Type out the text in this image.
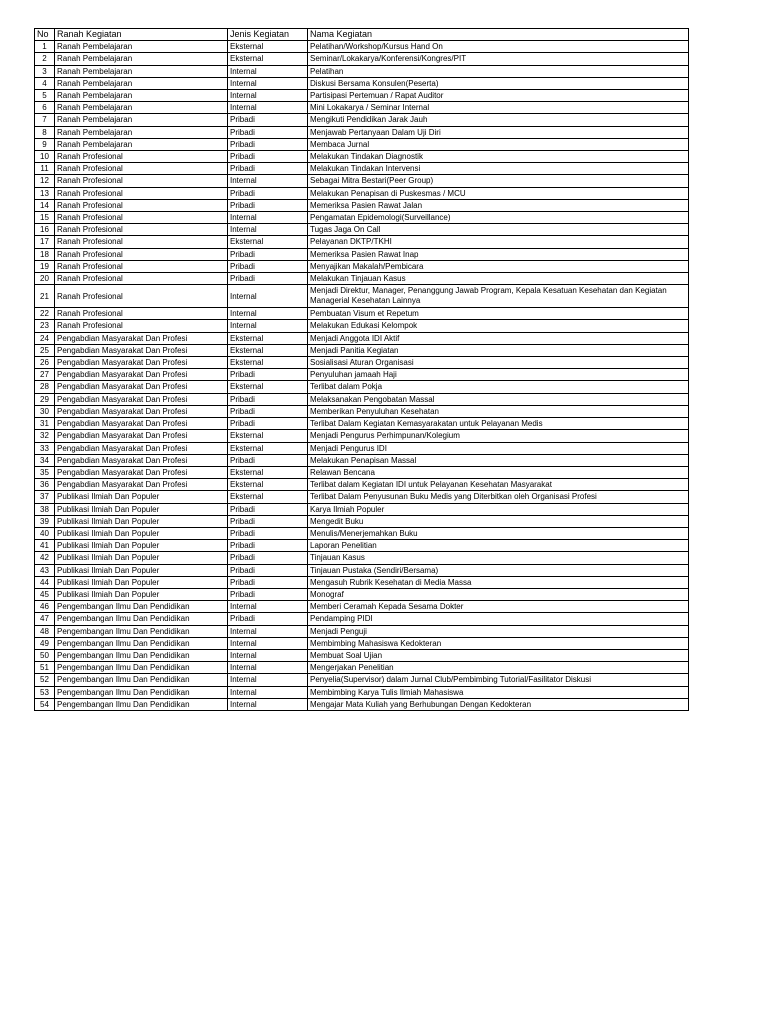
No	Ranah Kegiatan	Jenis Kegiatan	Nama Kegiatan
1	Ranah Pembelajaran	Eksternal	Pelatihan/Workshop/Kursus Hand On
2	Ranah Pembelajaran	Eksternal	Seminar/Lokakarya/Konferensi/Kongres/PIT
3	Ranah Pembelajaran	Internal	Pelatihan
4	Ranah Pembelajaran	Internal	Diskusi Bersama Konsulen(Peserta)
5	Ranah Pembelajaran	Internal	Partisipasi Pertemuan / Rapat Auditor
6	Ranah Pembelajaran	Internal	Mini Lokakarya / Seminar Internal
7	Ranah Pembelajaran	Pribadi	Mengikuti Pendidikan Jarak Jauh
8	Ranah Pembelajaran	Pribadi	Menjawab Pertanyaan Dalam Uji Diri
9	Ranah Pembelajaran	Pribadi	Membaca Jurnal
10	Ranah Profesional	Pribadi	Melakukan Tindakan Diagnostik
11	Ranah Profesional	Pribadi	Melakukan Tindakan Intervensi
12	Ranah Profesional	Internal	Sebagai Mitra Bestari(Peer Group)
13	Ranah Profesional	Pribadi	Melakukan Penapisan di Puskesmas / MCU
14	Ranah Profesional	Pribadi	Memeriksa Pasien Rawat Jalan
15	Ranah Profesional	Internal	Pengamatan Epidemologi(Surveillance)
16	Ranah Profesional	Internal	Tugas Jaga On Call
17	Ranah Profesional	Eksternal	Pelayanan DKTP/TKHI
18	Ranah Profesional	Pribadi	Memeriksa Pasien Rawat Inap
19	Ranah Profesional	Pribadi	Menyajikan Makalah/Pembicara
20	Ranah Profesional	Pribadi	Melakukan Tinjauan Kasus
21	Ranah Profesional	Internal	Menjadi Direktur, Manager, Penanggung Jawab Program, Kepala Kesatuan Kesehatan dan Kegiatan Managerial Kesehatan Lainnya
22	Ranah Profesional	Internal	Pembuatan Visum et Repetum
23	Ranah Profesional	Internal	Melakukan Edukasi Kelompok
24	Pengabdian Masyarakat Dan Profesi	Eksternal	Menjadi Anggota IDI Aktif
25	Pengabdian Masyarakat Dan Profesi	Eksternal	Menjadi Panitia Kegiatan
26	Pengabdian Masyarakat Dan Profesi	Eksternal	Sosialisasi Aturan Organisasi
27	Pengabdian Masyarakat Dan Profesi	Pribadi	Penyuluhan jamaah Haji
28	Pengabdian Masyarakat Dan Profesi	Eksternal	Terlibat dalam Pokja
29	Pengabdian Masyarakat Dan Profesi	Pribadi	Melaksanakan Pengobatan Massal
30	Pengabdian Masyarakat Dan Profesi	Pribadi	Memberikan Penyuluhan Kesehatan
31	Pengabdian Masyarakat Dan Profesi	Pribadi	Terlibat Dalam Kegiatan Kemasyarakatan untuk Pelayanan Medis
32	Pengabdian Masyarakat Dan Profesi	Eksternal	Menjadi Pengurus Perhimpunan/Kolegium
33	Pengabdian Masyarakat Dan Profesi	Eksternal	Menjadi Pengurus IDI
34	Pengabdian Masyarakat Dan Profesi	Pribadi	Melakukan Penapisan Massal
35	Pengabdian Masyarakat Dan Profesi	Eksternal	Relawan Bencana
36	Pengabdian Masyarakat Dan Profesi	Eksternal	Terlibat dalam Kegiatan IDI untuk Pelayanan Kesehatan Masyarakat
37	Publikasi Ilmiah Dan Populer	Eksternal	Terlibat Dalam Penyusunan Buku Medis yang Diterbitkan oleh Organisasi Profesi
38	Publikasi Ilmiah Dan Populer	Pribadi	Karya Ilmiah Populer
39	Publikasi Ilmiah Dan Populer	Pribadi	Mengedit Buku
40	Publikasi Ilmiah Dan Populer	Pribadi	Menulis/Menerjemahkan Buku
41	Publikasi Ilmiah Dan Populer	Pribadi	Laporan Penelitian
42	Publikasi Ilmiah Dan Populer	Pribadi	Tinjauan Kasus
43	Publikasi Ilmiah Dan Populer	Pribadi	Tinjauan Pustaka (Sendiri/Bersama)
44	Publikasi Ilmiah Dan Populer	Pribadi	Mengasuh Rubrik Kesehatan di Media Massa
45	Publikasi Ilmiah Dan Populer	Pribadi	Monograf
46	Pengembangan Ilmu Dan Pendidikan	Internal	Memberi Ceramah Kepada Sesama Dokter
47	Pengembangan Ilmu Dan Pendidikan	Pribadi	Pendamping PIDI
48	Pengembangan Ilmu Dan Pendidikan	Internal	Menjadi Penguji
49	Pengembangan Ilmu Dan Pendidikan	Internal	Membimbing Mahasiswa Kedokteran
50	Pengembangan Ilmu Dan Pendidikan	Internal	Membuat Soal Ujian
51	Pengembangan Ilmu Dan Pendidikan	Internal	Mengerjakan Penelitian
52	Pengembangan Ilmu Dan Pendidikan	Internal	Penyelia(Supervisor) dalam Jurnal Club/Pembimbing Tutorial/Fasilitator Diskusi
53	Pengembangan Ilmu Dan Pendidikan	Internal	Membimbing Karya Tulis Ilmiah Mahasiswa
54	Pengembangan Ilmu Dan Pendidikan	Internal	Mengajar Mata Kuliah yang Berhubungan Dengan Kedokteran
